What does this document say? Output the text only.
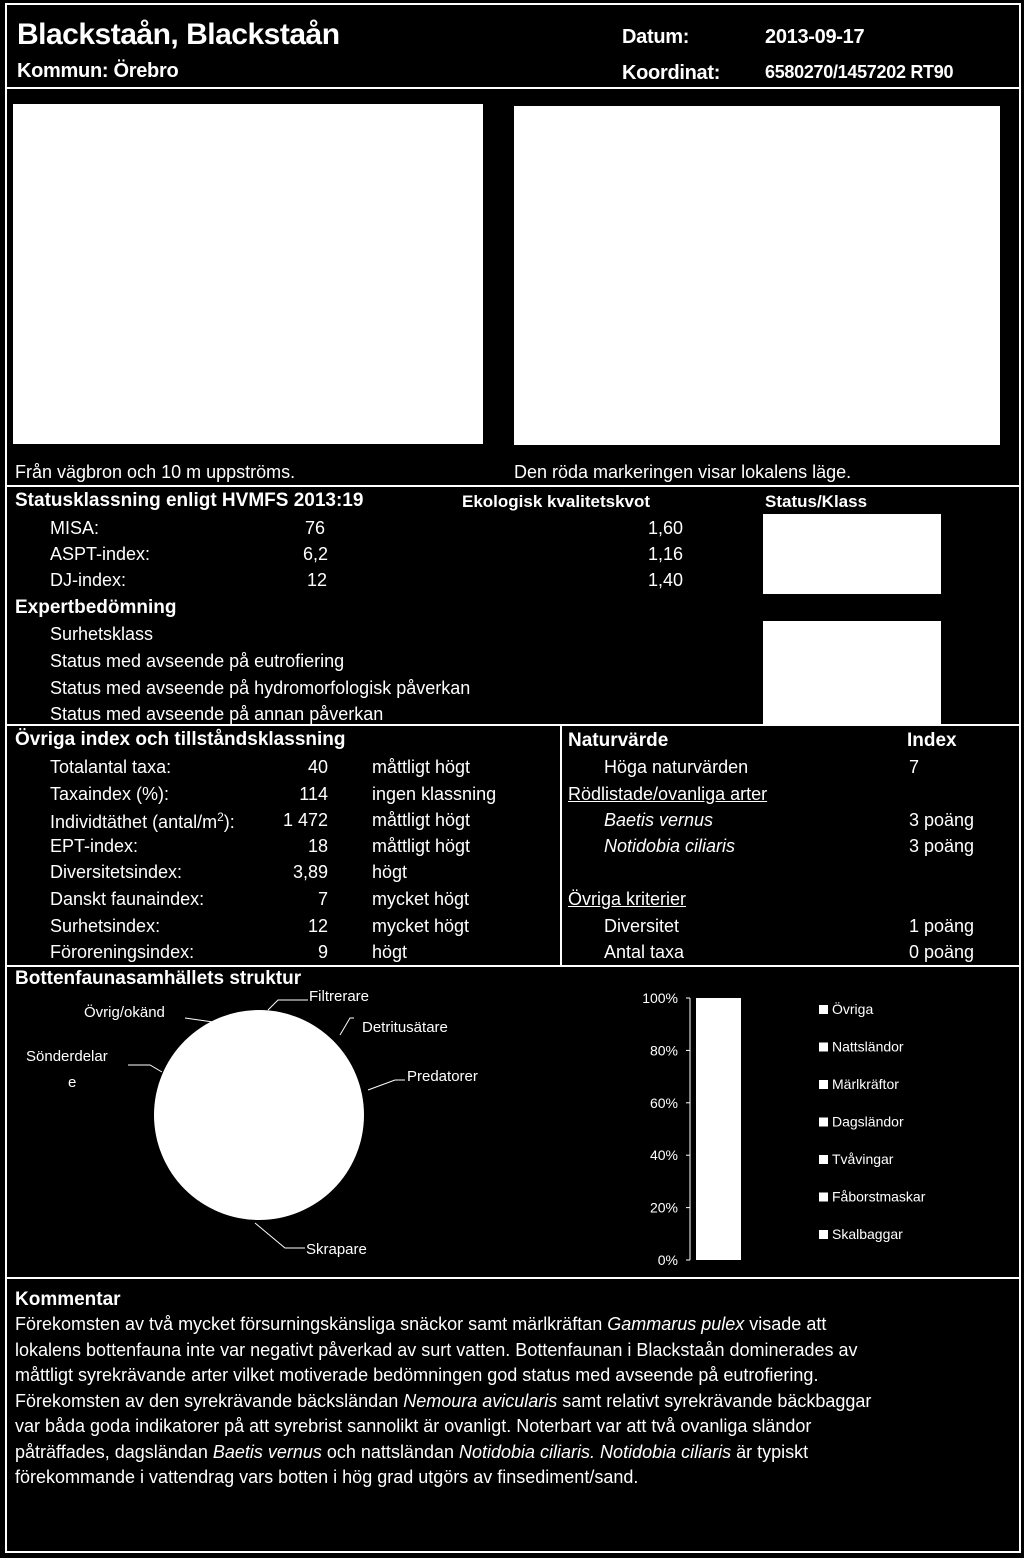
Blackstaån, Blackstaån
Kommun: Örebro
Datum:	2013-09-17
Koordinat: 6580270/1457202 RT90
Från vägbron och 10 m uppströms.	Den röda markeringen visar lokalens läge.
Statusklassning enligt HVMFS 2013:19	Ekologisk kvalitetskvot	Status/Klass
MISA:	76	1,60
ASPT-index:	6,2	1,16
DJ-index:	12	1,40
Expertbedömning
Surhetsklass
Status med avseende på eutrofiering
Status med avseende på hydromorfologisk påverkan
Status med avseende på annan påverkan
Övriga index och tillståndsklassning
Totalantal taxa:	40 måttligt högt
Taxaindex (%):	114 ingen klassning
Individtäthet $(antal/m^2)$:	1 472 måttligt högt
EPT-index:	18 måttligt högt
Diversitetsindex:	3,89 högt
Danskt faunaindex:	7 mycket högt
Surhetsindex:	12 mycket högt
Föroreningsindex:	9 högt
Naturvärde	Index
Höga naturvärden	7
Rödlistade/ovanliga arter
Baetis vernus	3 poäng
Notidobia ciliaris	3 poäng
Övriga kriterier
Diversitet	1 poäng
Antal taxa	0 poäng
Bottenfaunasamhällets struktur
Filtrerare
Övrig/okänd
Detritusätare
Sönderdelar
e	Predatorer
Skrapare
100%
80%
60%
40%
20%
0%
Övriga
Nattsländor
Märlkräftor
Dagsländor
Tvåvingar
Fåborstmaskar
Skalbaggar
Kommentar

Förekomsten av två mycket försurningskänsliga snäckor samt märlkräftan Gammarus pulex visade att

lokalens bottenfauna inte var negativt påverkad av surt vatten. Bottenfaunan i Blackstaån dominerades av

måttligt syrekrävande arter vilket motiverade bedömningen god status med avseende på eutrofiering.

Förekomsten av den syrekrävande bäcksländan Nemoura avicularis samt relativt syrekrävande bäckbaggar

var båda goda indikatorer på att syrebrist sannolikt är ovanligt. Noterbart var att två ovanliga sländor

påträffades, dagsländan Baetis vernus och nattsländan Notidobia ciliaris. Notidobia ciliaris är typiskt

förekommande i vattendrag vars botten i hög grad utgörs av finsediment/sand.
